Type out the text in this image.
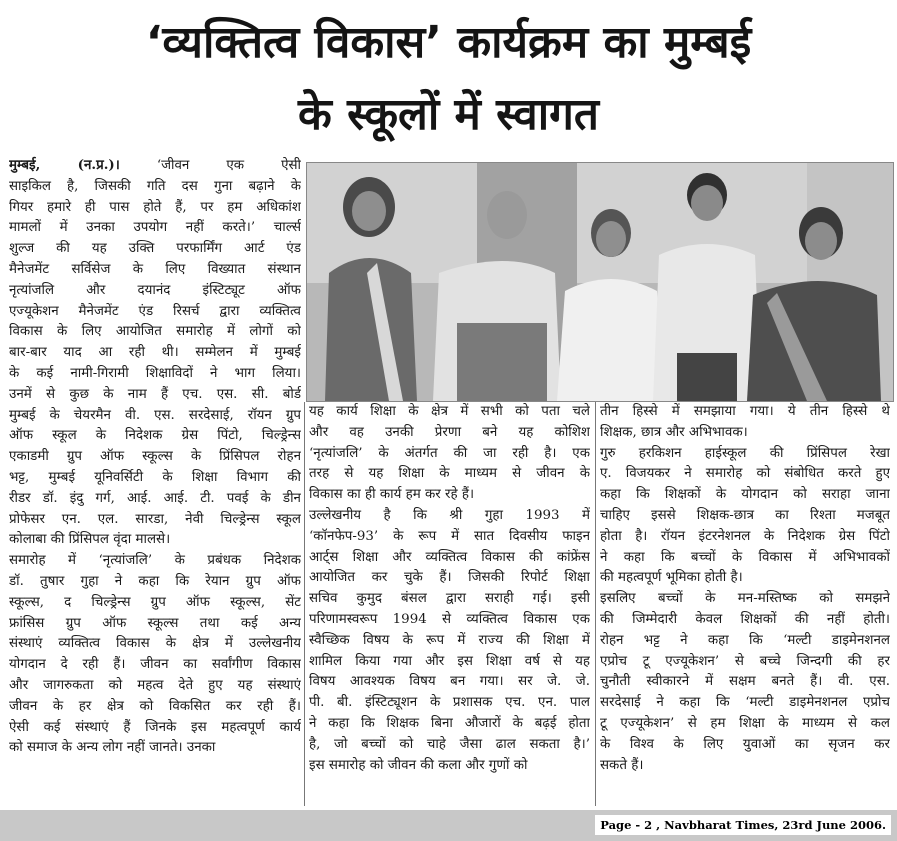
‘व्यक्तित्व विकास’ कार्यक्रम का मुम्बई
के स्कूलों में स्वागत
मुम्बई, (न.प्र.)। ‘जीवन एक ऐसी
साइकिल है, जिसकी गति दस गुना बढ़ाने के
गियर हमारे ही पास होते हैं, पर हम अधिकांश
मामलों में उनका उपयोग नहीं करते।’ चार्ल्स
शुल्ज की यह उक्ति परफार्मिंग आर्ट एंड
मैनेजमेंट सर्विसेज के लिए विख्यात संस्थान
नृत्यांजलि और दयानंद इंस्टिट्यूट ऑफ
एज्यूकेशन मैनेजमेंट एंड रिसर्च द्वारा व्यक्तित्व
विकास के लिए आयोजित समारोह में लोगों को
बार-बार याद आ रही थी। सम्मेलन में मुम्बई
के कई नामी-गिरामी शिक्षाविदों ने भाग लिया।
उनमें से कुछ के नाम हैं एच. एस. सी. बोर्ड
मुम्बई के चेयरमैन वी. एस. सरदेसाई, रॉयन ग्रुप
ऑफ स्कूल के निदेशक ग्रेस पिंटो, चिल्ड्रेन्स
एकाडमी ग्रुप ऑफ स्कूल्स के प्रिंसिपल रोहन
भट्ट, मुम्बई यूनिवर्सिटी के शिक्षा विभाग की
रीडर डॉ. इंदु गर्ग, आई. आई. टी. पवई के डीन
प्रोफेसर एन. एल. सारडा, नेवी चिल्ड्रेन्स स्कूल
कोलाबा की प्रिंसिपल वृंदा मालसे।
समारोह में ‘नृत्यांजलि’ के प्रबंधक निदेशक
डॉ. तुषार गुहा ने कहा कि रेयान ग्रुप ऑफ
स्कूल्स, द चिल्ड्रेन्स ग्रुप ऑफ स्कूल्स, सेंट
फ्रांसिस ग्रुप ऑफ स्कूल्स तथा कई अन्य
संस्थाएं व्यक्तित्व विकास के क्षेत्र में उल्लेखनीय
योगदान दे रही हैं। जीवन का सर्वांगीण विकास
और जागरुकता को महत्व देते हुए यह संस्थाएं
जीवन के हर क्षेत्र को विकसित कर रही हैं।
ऐसी कई संस्थाएं हैं जिनके इस महत्वपूर्ण कार्य
को समाज के अन्य लोग नहीं जानते। उनका
यह कार्य शिक्षा के क्षेत्र में सभी को पता चले
और वह उनकी प्रेरणा बने यह कोशिश
‘नृत्यांजलि’ के अंतर्गत की जा रही है। एक
तरह से यह शिक्षा के माध्यम से जीवन के
विकास का ही कार्य हम कर रहे हैं।
उल्लेखनीय है कि श्री गुहा 1993 में
‘कॉनफेप-93’ के रूप में सात दिवसीय फाइन
आर्ट्स शिक्षा और व्यक्तित्व विकास की कांफ्रेंस
आयोजित कर चुके हैं। जिसकी रिपोर्ट शिक्षा
सचिव कुमुद बंसल द्वारा सराही गई। इसी
परिणामस्वरूप 1994 से व्यक्तित्व विकास एक
स्वैच्छिक विषय के रूप में राज्य की शिक्षा में
शामिल किया गया और इस शिक्षा वर्ष से यह
विषय आवश्यक विषय बन गया। सर जे. जे.
पी. बी. इंस्टिट्यूशन के प्रशासक एच. एन. पाल
ने कहा कि शिक्षक बिना औजारों के बढ़ई होता
है, जो बच्चों को चाहे जैसा ढाल सकता है।’
इस समारोह को जीवन की कला और गुणों को
तीन हिस्से में समझाया गया। ये तीन हिस्से थे
शिक्षक, छात्र और अभिभावक।
गुरु हरकिशन हाईस्कूल की प्रिंसिपल रेखा
ए. विजयकर ने समारोह को संबोधित करते हुए
कहा कि शिक्षकों के योगदान को सराहा जाना
चाहिए इससे शिक्षक-छात्र का रिश्ता मजबूत
होता है। रॉयन इंटरनेशनल के निदेशक ग्रेस पिंटो
ने कहा कि बच्चों के विकास में अभिभावकों
की महत्वपूर्ण भूमिका होती है।
इसलिए बच्चों के मन-मस्तिष्क को समझने
की जिम्मेदारी केवल शिक्षकों की नहीं होती।
रोहन भट्ट ने कहा कि ‘मल्टी डाइमेनशनल
एप्रोच टू एज्यूकेशन’ से बच्चे जिन्दगी की हर
चुनौती स्वीकारने में सक्षम बनते हैं। वी. एस.
सरदेसाई ने कहा कि ‘मल्टी डाइमेनशनल एप्रोच
टू एज्यूकेशन’ से हम शिक्षा के माध्यम से कल
के विश्व के लिए युवाओं का सृजन कर
सकते हैं।
Page - 2 , Navbharat Times, 23rd June 2006.
